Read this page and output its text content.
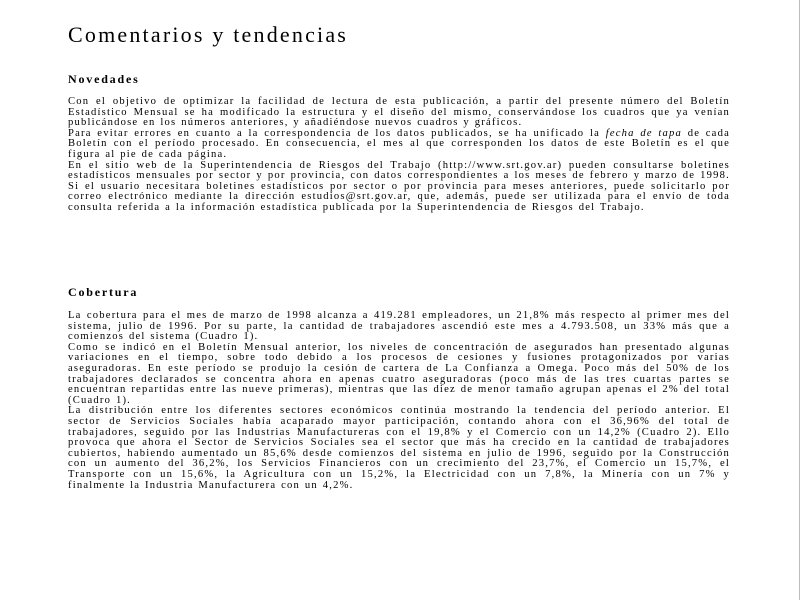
Comentarios y tendencias
Novedades

Con el objetivo de optimizar la facilidad de lectura de esta publicación, a partir del presente número del Boletín Estadístico Mensual se ha modificado la estructura y el diseño del mismo, conservándose los cuadros que ya venían publicándose en los números anteriores, y añadiéndose nuevos cuadros y gráficos.

Para evitar errores en cuanto a la correspondencia de los datos publicados, se ha unificado la fecha de tapa de cada Boletín con el período procesado. En consecuencia, el mes al que corresponden los datos de este Boletín es el que figura al pie de cada página.

En el sitio web de la Superintendencia de Riesgos del Trabajo (http://www.srt.gov.ar) pueden consultarse boletines estadísticos mensuales por sector y por provincia, con datos correspondientes a los meses de febrero y marzo de 1998. Si el usuario necesitara boletines estadísticos por sector o por provincia para meses anteriores, puede solicitarlo por correo electrónico mediante la dirección estudios@srt.gov.ar, que, además, puede ser utilizada para el envío de toda consulta referida a la información estadística publicada por la Superintendencia de Riesgos del Trabajo.

Cobertura

La cobertura para el mes de marzo de 1998 alcanza a 419.281 empleadores, un 21,8% más respecto al primer mes del sistema, julio de 1996. Por su parte, la cantidad de trabajadores ascendió este mes a 4.793.508, un 33% más que a comienzos del sistema (Cuadro 1).

Como se indicó en el Boletín Mensual anterior, los niveles de concentración de asegurados han presentado algunas variaciones en el tiempo, sobre todo debido a los procesos de cesiones y fusiones protagonizados por varias aseguradoras. En este período se produjo la cesión de cartera de La Confianza a Omega. Poco más del 50% de los trabajadores declarados se concentra ahora en apenas cuatro aseguradoras (poco más de las tres cuartas partes se encuentran repartidas entre las nueve primeras), mientras que las diez de menor tamaño agrupan apenas el 2% del total (Cuadro 1).

La distribución entre los diferentes sectores económicos continúa mostrando la tendencia del período anterior. El sector de Servicios Sociales había acaparado mayor participación, contando ahora con el 36,96% del total de trabajadores, seguido por las Industrias Manufactureras con el 19,8% y el Comercio con un 14,2% (Cuadro 2). Ello provoca que ahora el Sector de Servicios Sociales sea el sector que más ha crecido en la cantidad de trabajadores cubiertos, habiendo aumentado un 85,6% desde comienzos del sistema en julio de 1996, seguido por la Construcción con un aumento del 36,2%, los Servicios Financieros con un crecimiento del 23,7%, el Comercio un 15,7%, el Transporte con un 15,6%, la Agricultura con un 15,2%, la Electricidad con un 7,8%, la Minería con un 7% y finalmente la Industria Manufacturera con un 4,2%.
